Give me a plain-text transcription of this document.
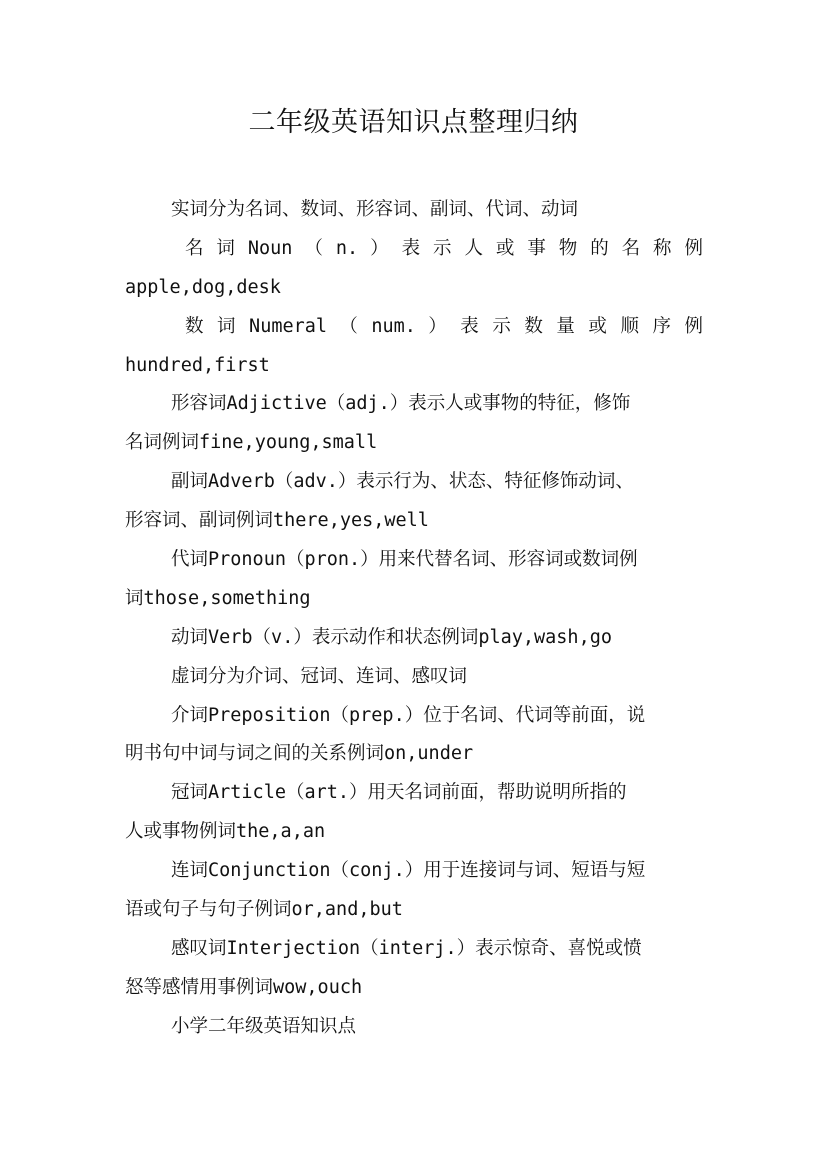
二年级英语知识点整理归纳
实词分为名词、数词、形容词、副词、代词、动词
名 词 Noun （ n. ） 表 示 人 或 事 物 的 名 称 例
apple,dog,desk
数 词 Numeral （ num. ） 表 示 数 量 或 顺 序 例
hundred,first
形容词Adjictive（adj.）表示人或事物的特征，修饰
名词例词fine,young,small
副词Adverb（adv.）表示行为、状态、特征修饰动词、
形容词、副词例词there,yes,well
代词Pronoun（pron.）用来代替名词、形容词或数词例
词those,something
动词Verb（v.）表示动作和状态例词play,wash,go
虚词分为介词、冠词、连词、感叹词
介词Preposition（prep.）位于名词、代词等前面，说
明书句中词与词之间的关系例词on,under
冠词Article（art.）用天名词前面，帮助说明所指的
人或事物例词the,a,an
连词Conjunction（conj.）用于连接词与词、短语与短
语或句子与句子例词or,and,but
感叹词Interjection（interj.）表示惊奇、喜悦或愤
怒等感情用事例词wow,ouch
小学二年级英语知识点
